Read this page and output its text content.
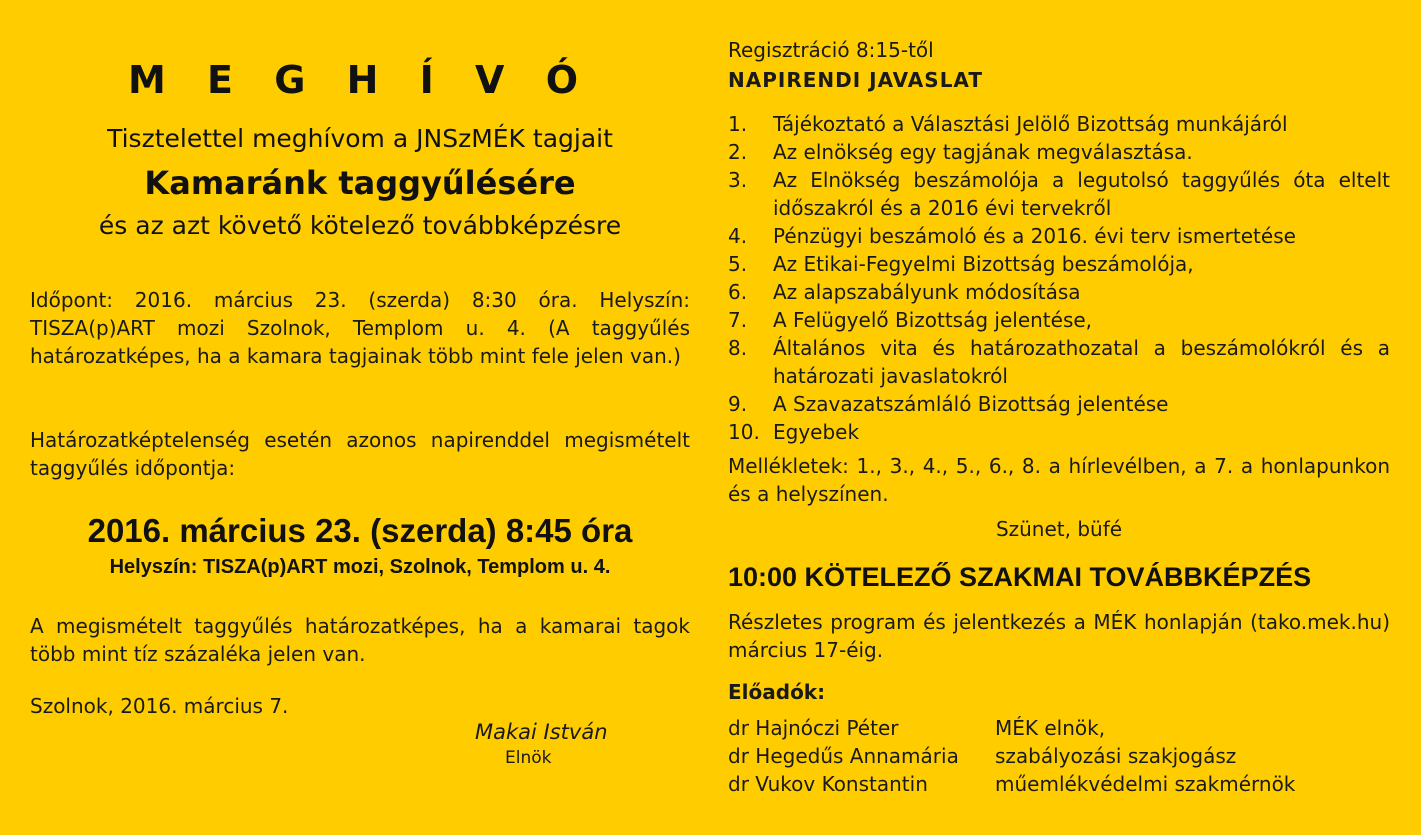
M E G H Í V Ó
Tisztelettel meghívom a JNSzMÉK tagjait
Kamaránk taggyűlésére
és az azt követő kötelező továbbképzésre
Időpont: 2016. március 23. (szerda) 8:30 óra. Helyszín: TISZA(p)ART mozi Szolnok, Templom u. 4. (A taggyűlés határozatképes, ha a kamara tagjainak több mint fele jelen van.)
Határozatképtelenség esetén azonos napirenddel megismételt taggyűlés időpontja:
2016. március 23. (szerda) 8:45 óra
Helyszín: TISZA(p)ART mozi, Szolnok, Templom u. 4.
A megismételt taggyűlés határozatképes, ha a kamarai tagok több mint tíz százaléka jelen van.
Szolnok, 2016. március 7.
Makai István
Elnök
Regisztráció 8:15-től
NAPIRENDI JAVASLAT
1.	Tájékoztató a Választási Jelölő Bizottság munkájáról
2.	Az elnökség egy tagjának megválasztása.
3.	Az Elnökség beszámolója a legutolsó taggyűlés óta eltelt időszakról és a 2016 évi tervekről
4.	Pénzügyi beszámoló és a 2016. évi terv ismertetése
5.	Az Etikai-Fegyelmi Bizottság beszámolója,
6.	Az alapszabályunk módosítása
7.	A Felügyelő Bizottság jelentése,
8.	Általános vita és határozathozatal a beszámolókról és a határozati javaslatokról
9.	A Szavazatszámláló Bizottság jelentése
10. Egyebek
Mellékletek: 1., 3., 4., 5., 6., 8. a hírlevélben, a 7. a honlapunkon és a helyszínen.
Szünet, büfé
10:00 KÖTELEZŐ SZAKMAI TOVÁBBKÉPZÉS
Részletes program és jelentkezés a MÉK honlapján (tako.mek.hu) március 17-éig.
Előadók:
dr Hajnóczi Péter	MÉK elnök,
dr Hegedűs Annamária	szabályozási szakjogász
dr Vukov Konstantin	műemlékvédelmi szakmérnök
